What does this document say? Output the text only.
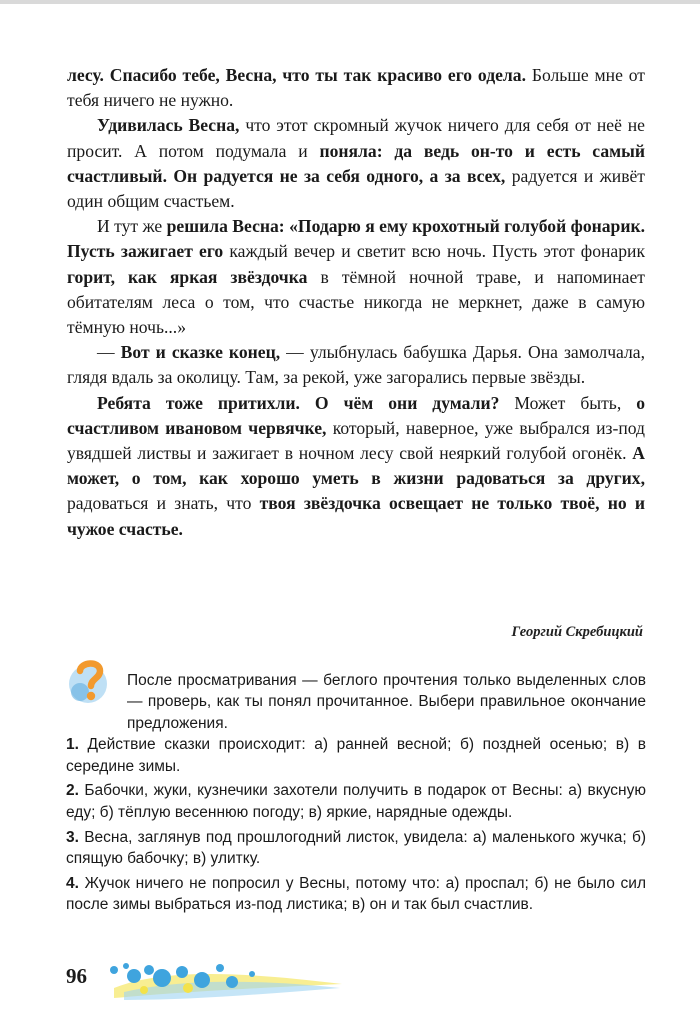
лесу. Спасибо тебе, Весна, что ты так красиво его одела. Больше мне от тебя ничего не нужно.

Удивилась Весна, что этот скромный жучок ничего для себя от неё не просит. А потом подумала и поняла: да ведь он-то и есть самый счастливый. Он радуется не за себя одного, а за всех, радуется и живёт один общим счастьем.

И тут же решила Весна: «Подарю я ему крохотный голубой фонарик. Пусть зажигает его каждый вечер и светит всю ночь. Пусть этот фонарик горит, как яркая звёздочка в тёмной ночной траве, и напоминает обитателям леса о том, что счастье никогда не меркнет, даже в самую тёмную ночь...»

— Вот и сказке конец, — улыбнулась бабушка Дарья. Она замолчала, глядя вдаль за околицу. Там, за рекой, уже загорались первые звёзды.

Ребята тоже притихли. О чём они думали? Может быть, о счастливом ивановом червячке, который, наверное, уже выбрался из-под увядшей листвы и зажигает в ночном лесу свой неяркий голубой огонёк. А может, о том, как хорошо уметь в жизни радоваться за других, радоваться и знать, что твоя звёздочка освещает не только твоё, но и чужое счастье.

Георгий Скребицкий

После просматривания — беглого прочтения только выделенных слов — проверь, как ты понял прочитанное. Выбери правильное окончание предложения.

1. Действие сказки происходит: а) ранней весной; б) поздней осенью; в) в середине зимы.

2. Бабочки, жуки, кузнечики захотели получить в подарок от Весны: а) вкусную еду; б) тёплую весеннюю погоду; в) яркие, нарядные одежды.

3. Весна, заглянув под прошлогодний листок, увидела: а) маленького жучка; б) спящую бабочку; в) улитку.

4. Жучок ничего не попросил у Весны, потому что: а) проспал; б) не было сил после зимы выбраться из-под листика; в) он и так был счастлив.

96
